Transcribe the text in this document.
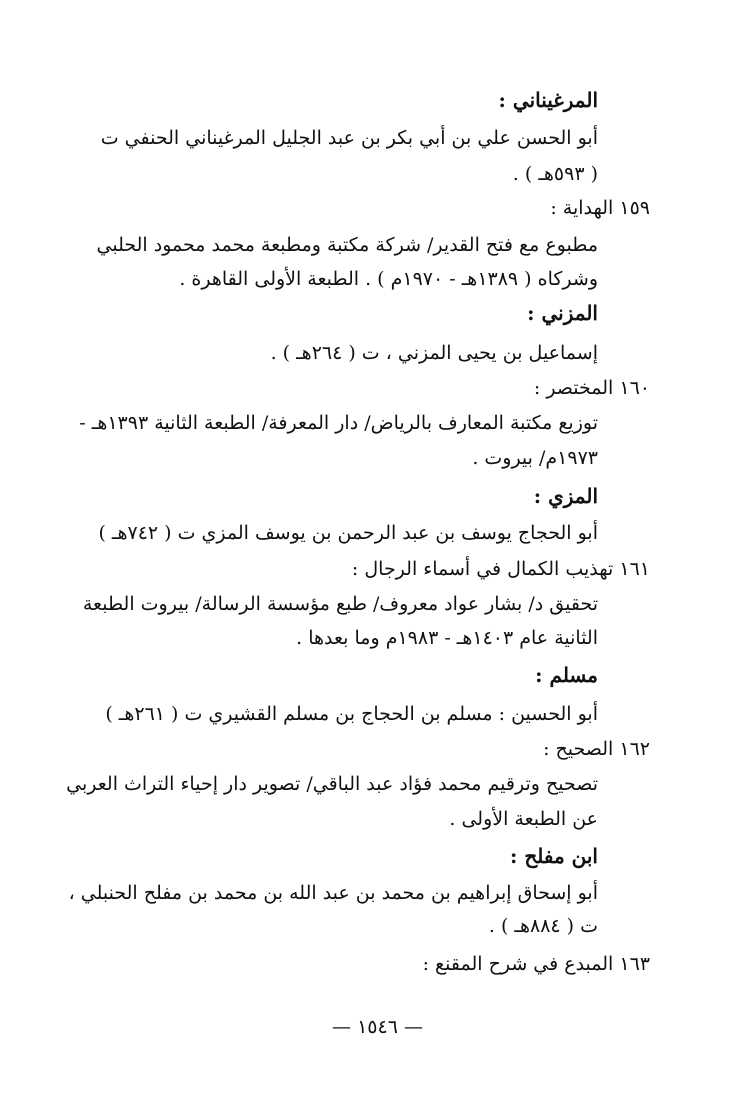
المرغيناني :
أبو الحسن علي بن أبي بكر بن عبد الجليل المرغيناني الحنفي ت
( ٥٩٣هـ ) .
١٥٩ الهداية :
مطبوع مع فتح القدير/ شركة مكتبة ومطبعة محمد محمود الحلبي
وشركاه ( ١٣٨٩هـ - ١٩٧٠م ) . الطبعة الأولى القاهرة .
المزني :
إسماعيل بن يحيى المزني ، ت ( ٢٦٤هـ ) .
١٦٠ المختصر :
توزيع مكتبة المعارف بالرياض/ دار المعرفة/ الطبعة الثانية ١٣٩٣هـ -
١٩٧٣م/ بيروت .
المزي :
أبو الحجاج يوسف بن عبد الرحمن بن يوسف المزي ت ( ٧٤٢هـ )
١٦١ تهذيب الكمال في أسماء الرجال :
تحقيق د/ بشار عواد معروف/ طبع مؤسسة الرسالة/ بيروت الطبعة
الثانية عام ١٤٠٣هـ - ١٩٨٣م وما بعدها .
مسلم :
أبو الحسين : مسلم بن الحجاج بن مسلم القشيري ت ( ٢٦١هـ )
١٦٢ الصحيح :
تصحيح وترقيم محمد فؤاد عبد الباقي/ تصوير دار إحياء التراث العربي
عن الطبعة الأولى .
ابن مفلح :
أبو إسحاق إبراهيم بن محمد بن عبد الله بن محمد بن مفلح الحنبلي ،
ت ( ٨٨٤هـ ) .
١٦٣ المبدع في شرح المقنع :
— ١٥٤٦ —
